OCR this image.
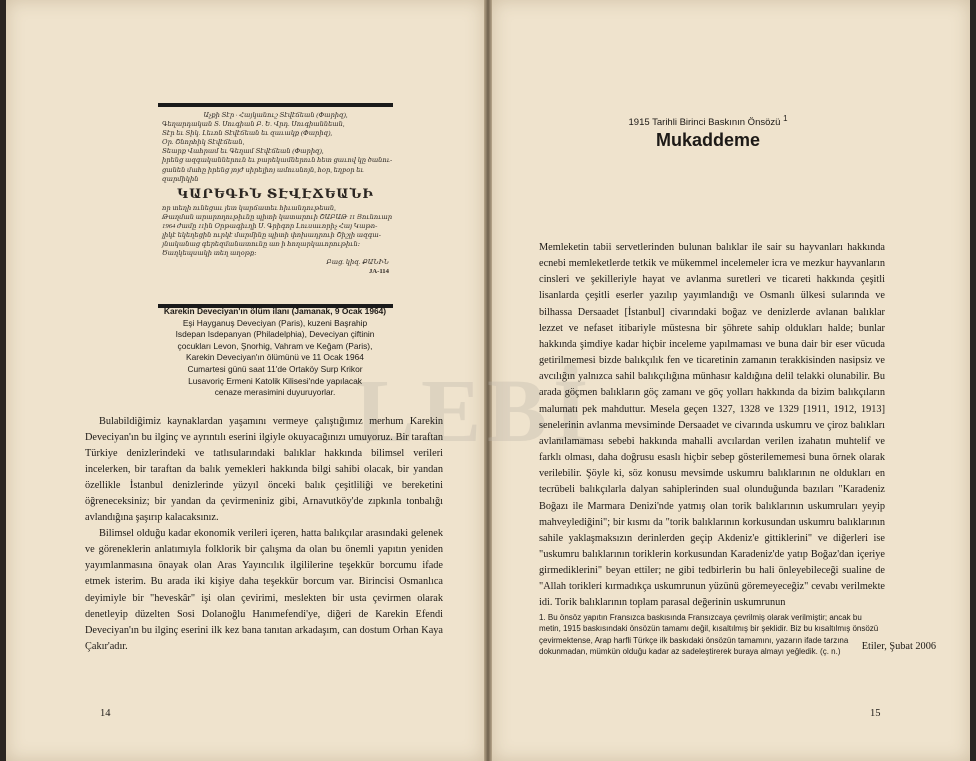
LEBİ

Աչքի Տէր · Հայկանուշ Տէվէճեան (Փարիզ),

Գեղարդական Տ. Սուգիան Բ. Ե. Վրդ. Սուգիաննեան,

Տէր եւ Տիկ. Լեւոն Տէվէճեան եւ զաւակք (Փարիզ),

Օր. Շնորհիկ Տէվէճեան,

Տեարք Վահրամ եւ Գեղամ Տէվէճեան (Փարիզ),

իրենց ազգականներուն եւ բարեկամներուն հետ ցաւով կը ծանու-

ցանեն մահը իրենց յոյժ սիրելիոյ ամուսնոյն, հօր, եղբօր եւ

զարմիկին

ԿԱՐԵԳԻՆ ՏԷՎԷՃԵԱՆԻ

որ տեղի ունեցաւ յետ կարճատեւ հիւանդութեան,

Թաղման արարողութիւնը պիտի կատարուի ՇԱԲԱԹ 11 Յունուար

1964 ժամը 11ին Օրթագիւղի Ս. Գրիգոր Լուսաւորիչ Հայ Կաթո-

լիկէ եկեղեցին ուրկէ մարմինը պիտի փոխադրուի Շիշլի ազգա-

յնականաց գերեզմանատունը առ ի հողարկաւորութիւն։

Ծաղկեպսակի տեղ աղօթք։

Բաց. կիզ. ՔԱՆԻՆ

JA-114

Karekin Deveciyan'ın ölüm ilanı (Jamanak, 9 Ocak 1964)

Eşi Hayganuş Deveciyan (Paris), kuzeni Başrahip

Isdepan Isdepanyan (Philadelphia), Deveciyan çiftinin

çocukları Levon, Şnorhig, Vahram ve Keğam (Paris),

Karekin Deveciyan'ın ölümünü ve 11 Ocak 1964

Cumartesi günü saat 11'de Ortaköy Surp Krikor

Lusavoriç Ermeni Katolik Kilisesi'nde yapılacak

cenaze merasimini duyuruyorlar.

Bulabildiğimiz kaynaklardan yaşamını vermeye çalıştığımız merhum Karekin Deveciyan'ın bu ilginç ve ayrıntılı eserini ilgiyle okuyacağınızı umuyoruz. Bir taraftan Türkiye denizlerindeki ve tatlısularındaki balıklar hakkında bilimsel verileri incelerken, bir taraftan da balık yemekleri hakkında bilgi sahibi olacak, bir yandan özellikle İstanbul denizlerinde yüzyıl önceki balık çeşitliliği ve bereketini öğreneceksiniz; bir yandan da çevirmeniniz gibi, Arnavutköy'de zıpkınla tonbalığı avlandığına şaşırıp kalacaksınız.

Bilimsel olduğu kadar ekonomik verileri içeren, hatta balıkçılar arasındaki gelenek ve göreneklerin anlatımıyla folklorik bir çalışma da olan bu önemli yapıtın yeniden yayımlanmasına önayak olan Aras Yayıncılık ilgililerine teşekkür borcumu ifade etmek isterim. Bu arada iki kişiye daha teşekkür borcum var. Birincisi Osmanlıca deyimiyle bir "heveskâr" işi olan çevirimi, meslekten bir usta çevirmen olarak denetleyip düzelten Sosi Dolanoğlu Hanımefendi'ye, diğeri de Karekin Efendi Deveciyan'ın bu ilginç eserini ilk kez bana tanıtan arkadaşım, can dostum Orhan Kaya Çakır'adır.	Etiler, Şubat 2006
14
1915 Tarihli Birinci Baskının Önsözü $^1$
Mukaddeme

Memleketin tabii servetlerinden bulunan balıklar ile sair su hayvanları hakkında ecnebi memleketlerde tetkik ve mükemmel incelemeler icra ve mezkur hayvanların cinsleri ve şekilleriyle hayat ve avlanma suretleri ve ticareti hakkında çeşitli lisanlarda çeşitli eserler yazılıp yayımlandığı ve Osmanlı ülkesi sularında ve bilhassa Dersaadet [İstanbul] civarındaki boğaz ve denizlerde avlanan balıklar lezzet ve nefaset itibariyle müstesna bir şöhrete sahip oldukları halde; bunlar hakkında şimdiye kadar hiçbir inceleme yapılmaması ve buna dair bir eser vücuda getirilmemesi bizde balıkçılık fen ve ticaretinin zamanın terakkisinden nasipsiz ve avcılığın yalnızca sahil balıkçılığına münhasır kaldığına delil telakki olunabilir. Bu arada göçmen balıkların göç zamanı ve göç yolları hakkında da bizim balıkçıların malumatı pek mahduttur. Mesela geçen 1327, 1328 ve 1329 [1911, 1912, 1913] senelerinin avlanma mevsiminde Dersaadet ve civarında uskumru ve çiroz balıkları avlanılamaması sebebi hakkında mahalli avcılardan verilen izahatın muhtelif ve farklı olması, daha doğrusu esaslı hiçbir sebep gösterilememesi buna örnek olarak verilebilir. Şöyle ki, söz konusu mevsimde uskumru balıklarının ne oldukları en tecrübeli balıkçılarla dalyan sahiplerinden sual olunduğunda bazıları "Karadeniz Boğazı ile Marmara Denizi'nde yatmış olan torik balıklarının uskumruları yeyip mahveylediğini"; bir kısmı da "torik balıklarının korkusundan uskumru balıklarının sahile yaklaşmaksızın derinlerden geçip Akdeniz'e gittiklerini" ve diğerleri ise "uskumru balıklarının toriklerin korkusundan Karadeniz'de yatıp Boğaz'dan içeriye girmediklerini" beyan ettiler; ne gibi tedbirlerin bu hali önleyebileceği sualine de "Allah torikleri kırmadıkça uskumrunun yüzünü göremeyeceğiz" cevabı verilmekte idi. Torik balıklarının toplam parasal değerinin uskumrunun

1. Bu önsöz yapıtın Fransızca baskısında Fransızcaya çevrilmiş olarak verilmiştir; ancak bu metin, 1915 baskısındaki önsözün tamamı değil, kısaltılmış bir şeklidir. Biz bu kısaltılmış önsözü çevirmektense, Arap harfli Türkçe ilk baskıdaki önsözün tamamını, yazarın ifade tarzına dokunmadan, mümkün olduğu kadar az sadeleştirerek buraya almayı yeğledik. (ç. n.)

15
